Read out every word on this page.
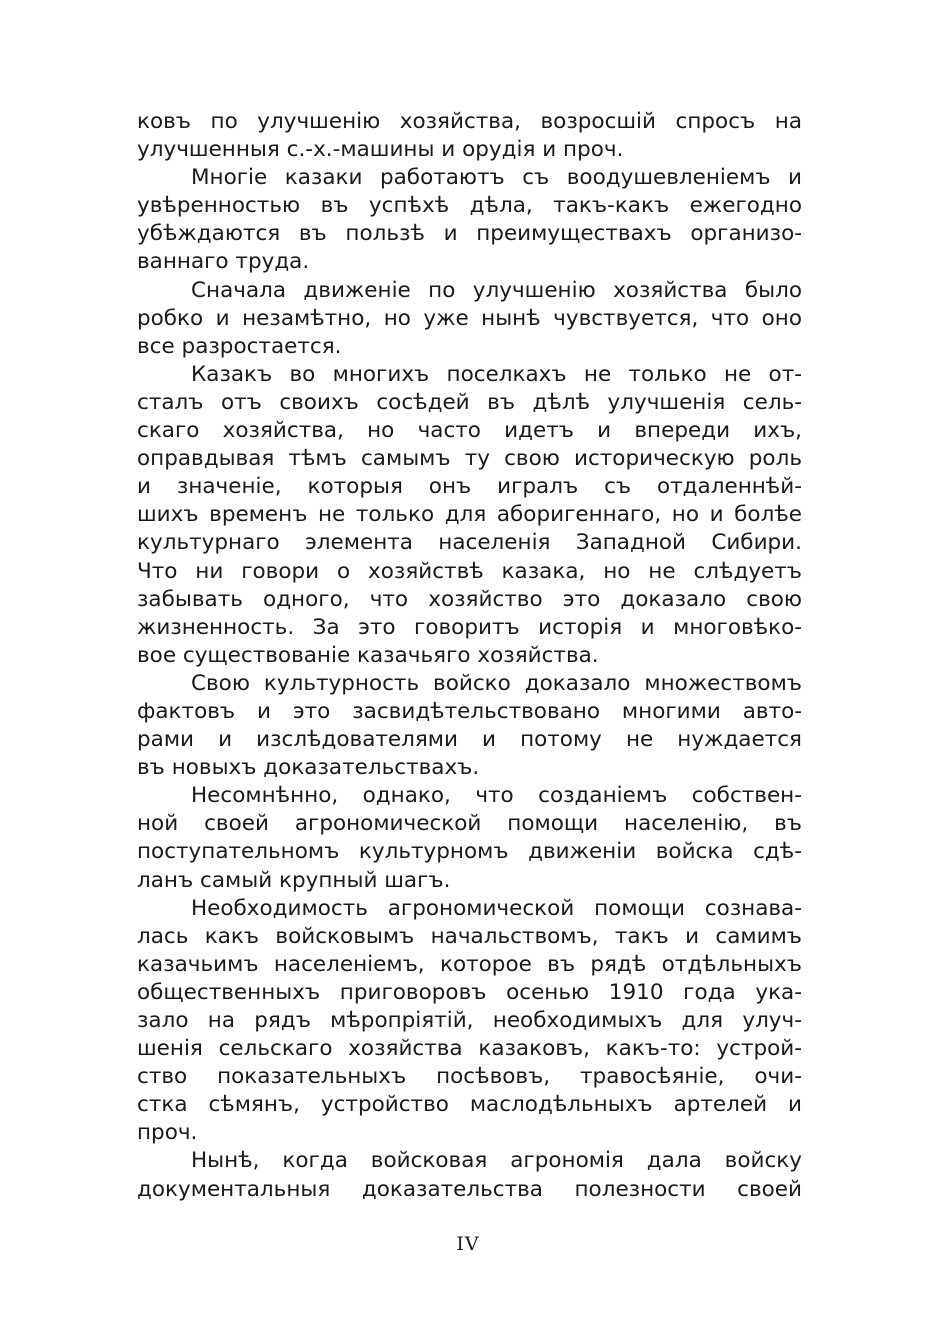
ковъ по улучшенію хозяйства, возросшій спросъ на
улучшенныя с.-х.-машины и орудія и проч.
Многіе казаки работаютъ съ воодушевленіемъ и
увѣренностью въ успѣхѣ дѣла, такъ-какъ ежегодно
убѣждаются въ пользѣ и преимуществахъ организо-
ваннаго труда.
Сначала движеніе по улучшенію хозяйства было
робко и незамѣтно, но уже нынѣ чувствуется, что оно
все разростается.
Казакъ во многихъ поселкахъ не только не от-
сталъ отъ своихъ сосѣдей въ дѣлѣ улучшенія сель-
скаго хозяйства, но часто идетъ и впереди ихъ,
оправдывая тѣмъ самымъ ту свою историческую роль
и значеніе, которыя онъ игралъ съ отдаленнѣй-
шихъ временъ не только для аборигеннаго, но и болѣе
культурнаго элемента населенія Западной Сибири.
Что ни говори о хозяйствѣ казака, но не слѣдуетъ
забывать одного, что хозяйство это доказало свою
жизненность. За это говоритъ исторія и многовѣко-
вое существованіе казачьяго хозяйства.
Свою культурность войско доказало множествомъ
фактовъ и это засвидѣтельствовано многими авто-
рами и изслѣдователями и потому не нуждается
въ новыхъ доказательствахъ.
Несомнѣнно, однако, что созданіемъ собствен-
ной своей агрономической помощи населенію, въ
поступательномъ культурномъ движеніи войска сдѣ-
ланъ самый крупный шагъ.
Необходимость агрономической помощи сознава-
лась какъ войсковымъ начальствомъ, такъ и самимъ
казачьимъ населеніемъ, которое въ рядѣ отдѣльныхъ
общественныхъ приговоровъ осенью 1910 года ука-
зало на рядъ мѣропріятій, необходимыхъ для улуч-
шенія сельскаго хозяйства казаковъ, какъ-то: устрой-
ство показательныхъ посѣвовъ, травосѣяніе, очи-
стка сѣмянъ, устройство маслодѣльныхъ артелей и
проч.
Нынѣ, когда войсковая агрономія дала войску
документальныя доказательства полезности своей
IV
